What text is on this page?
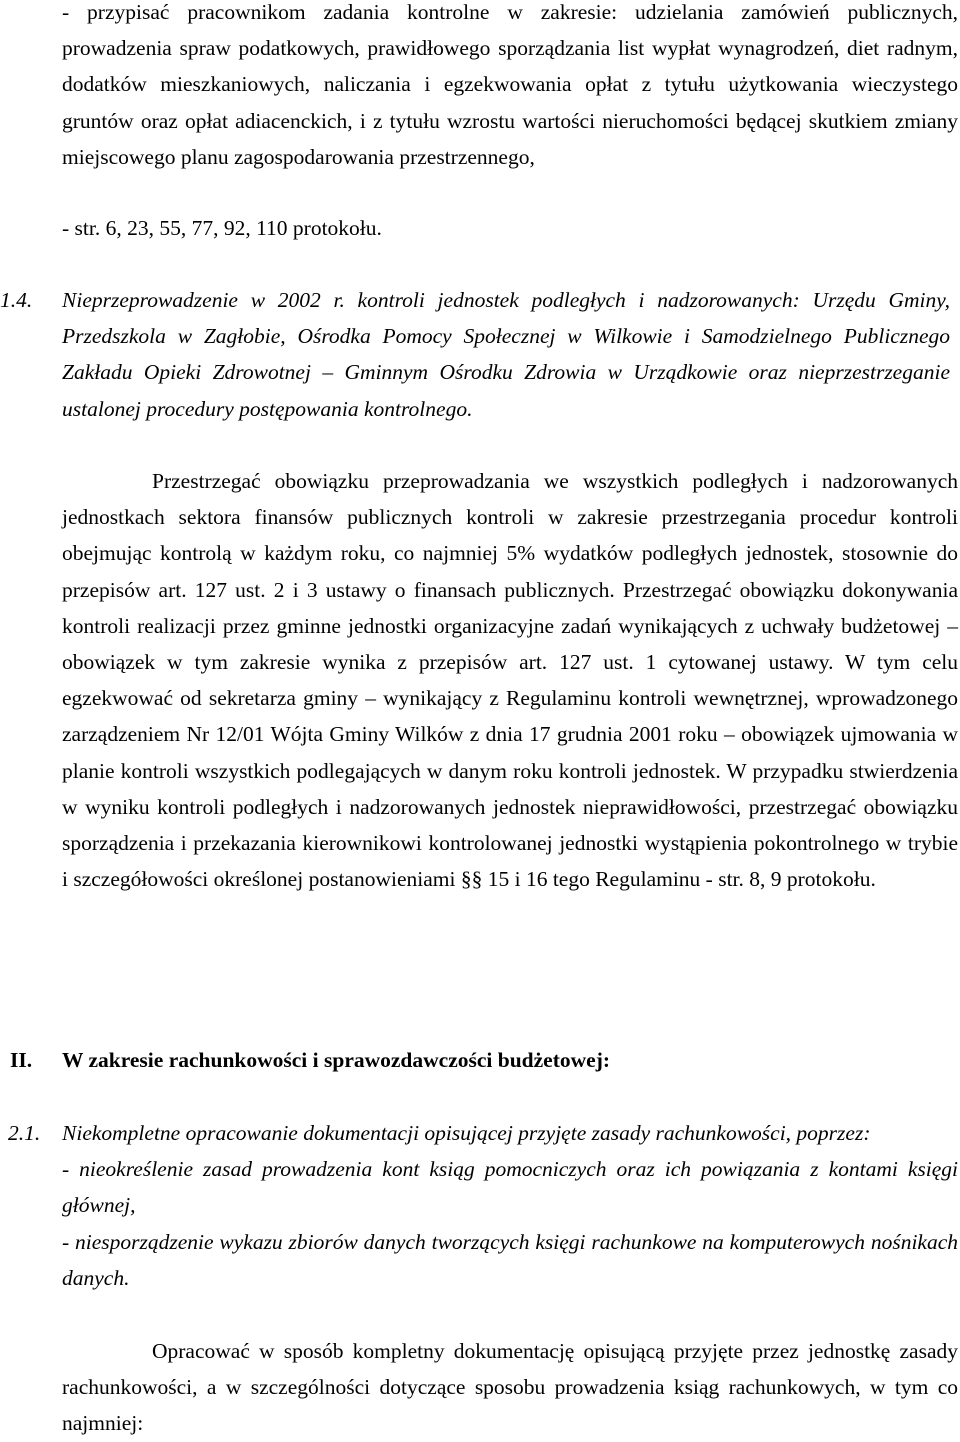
- przypisać pracownikom zadania kontrolne w zakresie: udzielania zamówień publicznych, prowadzenia spraw podatkowych, prawidłowego sporządzania list wypłat wynagrodzeń, diet radnym, dodatków mieszkaniowych, naliczania i egzekwowania opłat z tytułu użytkowania wieczystego gruntów oraz opłat adiacenckich, i z tytułu wzrostu wartości nieruchomości będącej skutkiem zmiany miejscowego planu zagospodarowania przestrzennego,
- str. 6, 23, 55, 77, 92, 110 protokołu.
1.4.	Nieprzeprowadzenie w 2002 r. kontroli jednostek podległych i nadzorowanych: Urzędu Gminy, Przedszkola w Zagłobie, Ośrodka Pomocy Społecznej w Wilkowie i Samodzielnego Publicznego Zakładu Opieki Zdrowotnej – Gminnym Ośrodku Zdrowia w Urządkowie oraz nieprzestrzeganie ustalonej procedury postępowania kontrolnego.
Przestrzegać obowiązku przeprowadzania we wszystkich podległych i nadzorowanych jednostkach sektora finansów publicznych kontroli w zakresie przestrzegania procedur kontroli obejmując kontrolą w każdym roku, co najmniej 5% wydatków podległych jednostek, stosownie do przepisów art. 127 ust. 2 i 3 ustawy o finansach publicznych. Przestrzegać obowiązku dokonywania kontroli realizacji przez gminne jednostki organizacyjne zadań wynikających z uchwały budżetowej – obowiązek w tym zakresie wynika z przepisów art. 127 ust. 1 cytowanej ustawy. W tym celu egzekwować od sekretarza gminy – wynikający z Regulaminu kontroli wewnętrznej, wprowadzonego zarządzeniem Nr 12/01 Wójta Gminy Wilków z dnia 17 grudnia 2001 roku – obowiązek ujmowania w planie kontroli wszystkich podlegających w danym roku kontroli jednostek. W przypadku stwierdzenia w wyniku kontroli podległych i nadzorowanych jednostek nieprawidłowości, przestrzegać obowiązku sporządzenia i przekazania kierownikowi kontrolowanej jednostki wystąpienia pokontrolnego w trybie i szczegółowości określonej postanowieniami §§ 15 i 16 tego Regulaminu - str. 8, 9 protokołu.
II.	W zakresie rachunkowości i sprawozdawczości budżetowej:
2.1.	Niekompletne opracowanie dokumentacji opisującej przyjęte zasady rachunkowości, poprzez:
- nieokreślenie zasad prowadzenia kont ksiąg pomocniczych oraz ich powiązania z kontami księgi głównej,
- niesporządzenie wykazu zbiorów danych tworzących księgi rachunkowe na komputerowych nośnikach danych.
Opracować w sposób kompletny dokumentację opisującą przyjęte przez jednostkę zasady rachunkowości, a w szczególności dotyczące sposobu prowadzenia ksiąg rachunkowych, w tym co najmniej:
